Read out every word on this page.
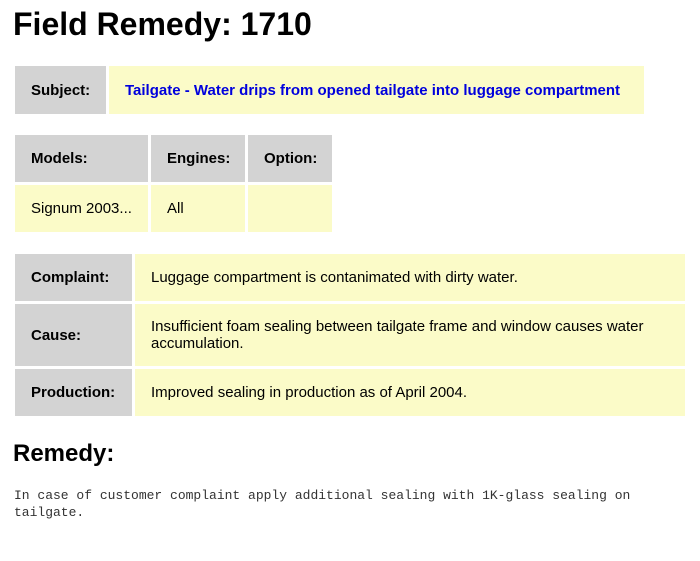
Field Remedy: 1710
Subject:	Tailgate - Water drips from opened tailgate into luggage compartment
Models:	Engines:	Option:
Signum 2003...	All	
Complaint:	Luggage compartment is contanimated with dirty water.
Cause:	Insufficient foam sealing between tailgate frame and window causes water accumulation.
Production:	Improved sealing in production as of April 2004.
Remedy:

In case of customer complaint apply additional sealing with 1K-glass sealing on tailgate.
